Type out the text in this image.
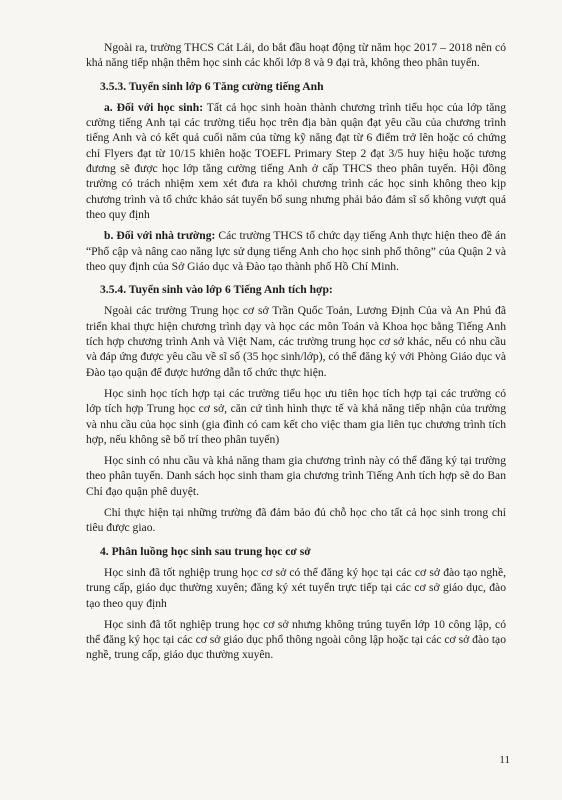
Ngoài ra, trường THCS Cát Lái, do bắt đầu hoạt động từ năm học 2017 – 2018 nên có khả năng tiếp nhận thêm học sinh các khối lớp 8 và 9 đại trà, không theo phân tuyến.

3.5.3. Tuyển sinh lớp 6 Tăng cường tiếng Anh

a. Đối với học sinh: Tất cả học sinh hoàn thành chương trình tiểu học của lớp tăng cường tiếng Anh tại các trường tiểu học trên địa bàn quận đạt yêu cầu của chương trình tiếng Anh và có kết quả cuối năm của từng kỹ năng đạt từ 6 điểm trở lên hoặc có chứng chỉ Flyers đạt từ 10/15 khiên hoặc TOEFL Primary Step 2 đạt 3/5 huy hiệu hoặc tương đương sẽ được học lớp tăng cường tiếng Anh ở cấp THCS theo phân tuyến. Hội đồng trường có trách nhiệm xem xét đưa ra khỏi chương trình các học sinh không theo kịp chương trình và tổ chức khảo sát tuyển bổ sung nhưng phải bảo đảm sĩ số không vượt quá theo quy định

b. Đối với nhà trường: Các trường THCS tổ chức dạy tiếng Anh thực hiện theo đề án “Phổ cập và nâng cao năng lực sử dụng tiếng Anh cho học sinh phổ thông” của Quận 2 và theo quy định của Sở Giáo dục và Đào tạo thành phố Hồ Chí Minh.

3.5.4. Tuyển sinh vào lớp 6 Tiếng Anh tích hợp:

Ngoài các trường Trung học cơ sở Trần Quốc Toản, Lương Định Của và An Phú đã triển khai thực hiện chương trình dạy và học các môn Toán và Khoa học bằng Tiếng Anh tích hợp chương trình Anh và Việt Nam, các trường trung học cơ sở khác, nếu có nhu cầu và đáp ứng được yêu cầu về sĩ số (35 học sinh/lớp), có thể đăng ký với Phòng Giáo dục và Đào tạo quận để được hướng dẫn tổ chức thực hiện.

Học sinh học tích hợp tại các trường tiểu học ưu tiên học tích hợp tại các trường có lớp tích hợp Trung học cơ sở, căn cứ tình hình thực tế và khả năng tiếp nhận của trường và nhu cầu của học sinh (gia đình có cam kết cho việc tham gia liên tục chương trình tích hợp, nếu không sẽ bố trí theo phân tuyến)

Học sinh có nhu cầu và khả năng tham gia chương trình này có thể đăng ký tại trường theo phân tuyến. Danh sách học sinh tham gia chương trình Tiếng Anh tích hợp sẽ do Ban Chỉ đạo quận phê duyệt.

Chỉ thực hiện tại những trường đã đảm bảo đủ chỗ học cho tất cả học sinh trong chỉ tiêu được giao.

4. Phân luồng học sinh sau trung học cơ sở

Học sinh đã tốt nghiệp trung học cơ sở có thể đăng ký học tại các cơ sở đào tạo nghề, trung cấp, giáo dục thường xuyên; đăng ký xét tuyển trực tiếp tại các cơ sở giáo dục, đào tạo theo quy định

Học sinh đã tốt nghiệp trung học cơ sở nhưng không trúng tuyển lớp 10 công lập, có thể đăng ký học tại các cơ sở giáo dục phổ thông ngoài công lập hoặc tại các cơ sở đào tạo nghề, trung cấp, giáo dục thường xuyên.

11
